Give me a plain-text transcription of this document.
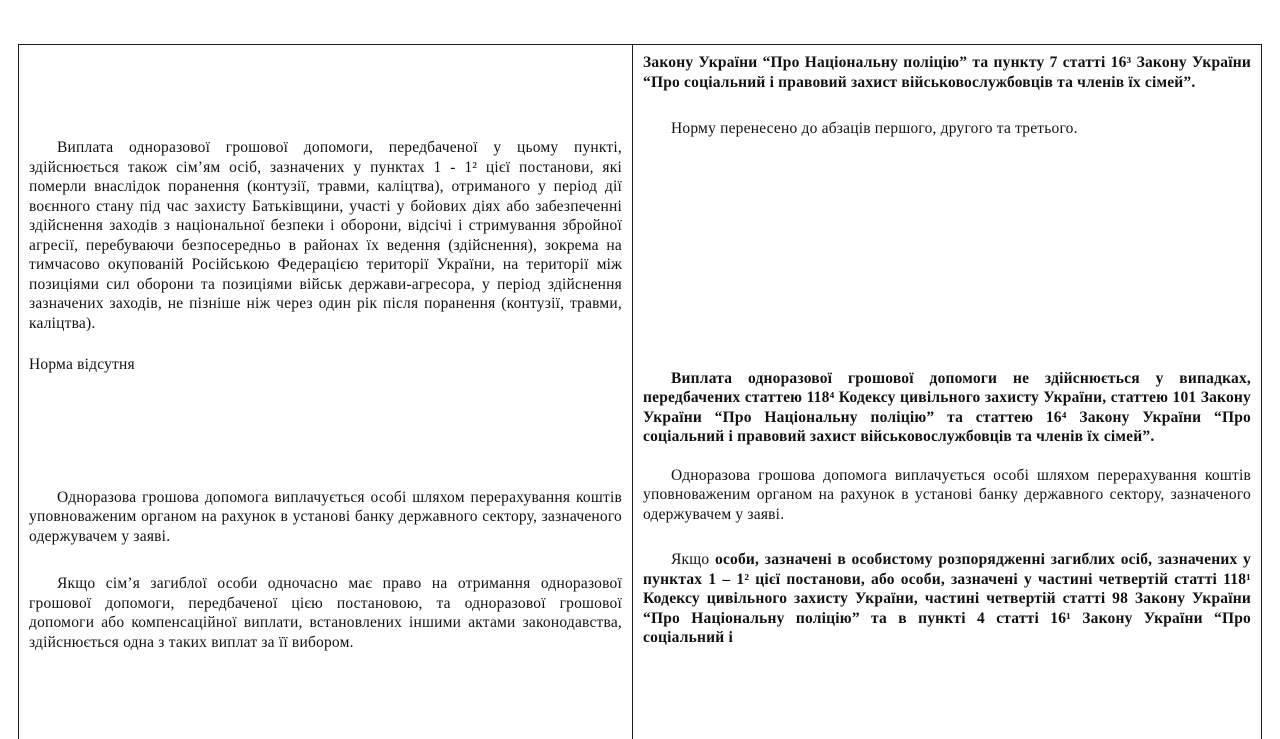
Виплата одноразової грошової допомоги, передбаченої у цьому пункті, здійснюється також сім’ям осіб, зазначених у пунктах 1 - 1² цієї постанови, які померли внаслідок поранення (контузії, травми, каліцтва), отриманого у період дії воєнного стану під час захисту Батьківщини, участі у бойових діях або забезпеченні здійснення заходів з національної безпеки і оборони, відсічі і стримування збройної агресії, перебуваючи безпосередньо в районах їх ведення (здійснення), зокрема на тимчасово окупованій Російською Федерацією території України, на території між позиціями сил оборони та позиціями військ держави-агресора, у період здійснення зазначених заходів, не пізніше ніж через один рік після поранення (контузії, травми, каліцтва).

Норма відсутня

Одноразова грошова допомога виплачується особі шляхом перерахування коштів уповноваженим органом на рахунок в установі банку державного сектору, зазначеного одержувачем у заяві.

Якщо сім’я загиблої особи одночасно має право на отримання одноразової грошової допомоги, передбаченої цією постановою, та одноразової грошової допомоги або компенсаційної виплати, встановлених іншими актами законодавства, здійснюється одна з таких виплат за її вибором.

Закону України “Про Національну поліцію” та пункту 7 статті 16³ Закону України “Про соціальний і правовий захист військовослужбовців та членів їх сімей”.

Норму перенесено до абзаців першого, другого та третього.

Виплата одноразової грошової допомоги не здійснюється у випадках, передбачених статтею 118⁴ Кодексу цивільного захисту України, статтею 101 Закону України “Про Національну поліцію” та статтею 16⁴ Закону України “Про соціальний і правовий захист військовослужбовців та членів їх сімей”.

Одноразова грошова допомога виплачується особі шляхом перерахування коштів уповноваженим органом на рахунок в установі банку державного сектору, зазначеного одержувачем у заяві.

Якщо особи, зазначені в особистому розпорядженні загиблих осіб, зазначених у пунктах 1 – 1² цієї постанови, або особи, зазначені у частині четвертій статті 118¹ Кодексу цивільного захисту України, частині четвертій статті 98 Закону України “Про Національну поліцію” та в пункті 4 статті 16¹ Закону України “Про соціальний і
